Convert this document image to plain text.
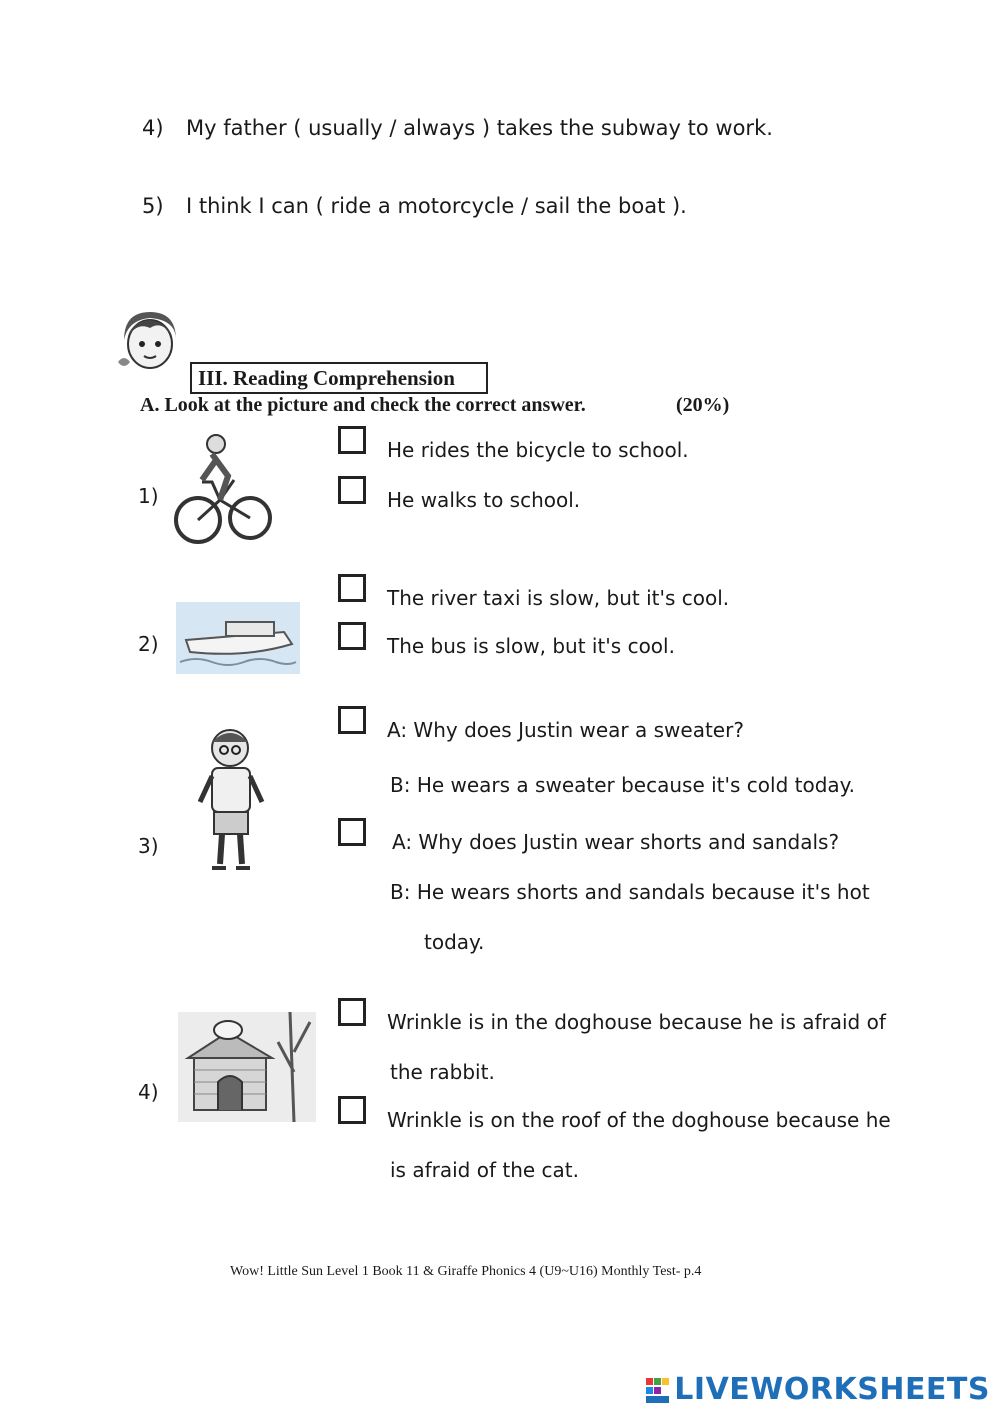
4) My father ( usually / always ) takes the subway to work.
5) I think I can ( ride a motorcycle / sail the boat ).
III. Reading Comprehension
A. Look at the picture and check the correct answer.	(20%)
1)
He rides the bicycle to school.
He walks to school.
2)
The river taxi is slow, but it's cool.
The bus is slow, but it's cool.
3)
A: Why does Justin wear a sweater?
B: He wears a sweater because it's cold today.
A: Why does Justin wear shorts and sandals?
B: He wears shorts and sandals because it's hot
today.
4)
Wrinkle is in the doghouse because he is afraid of
the rabbit.
Wrinkle is on the roof of the doghouse because he
is afraid of the cat.
Wow! Little Sun Level 1 Book 11 & Giraffe Phonics 4 (U9~U16) Monthly Test- p.4
LIVEWORKSHEETS
